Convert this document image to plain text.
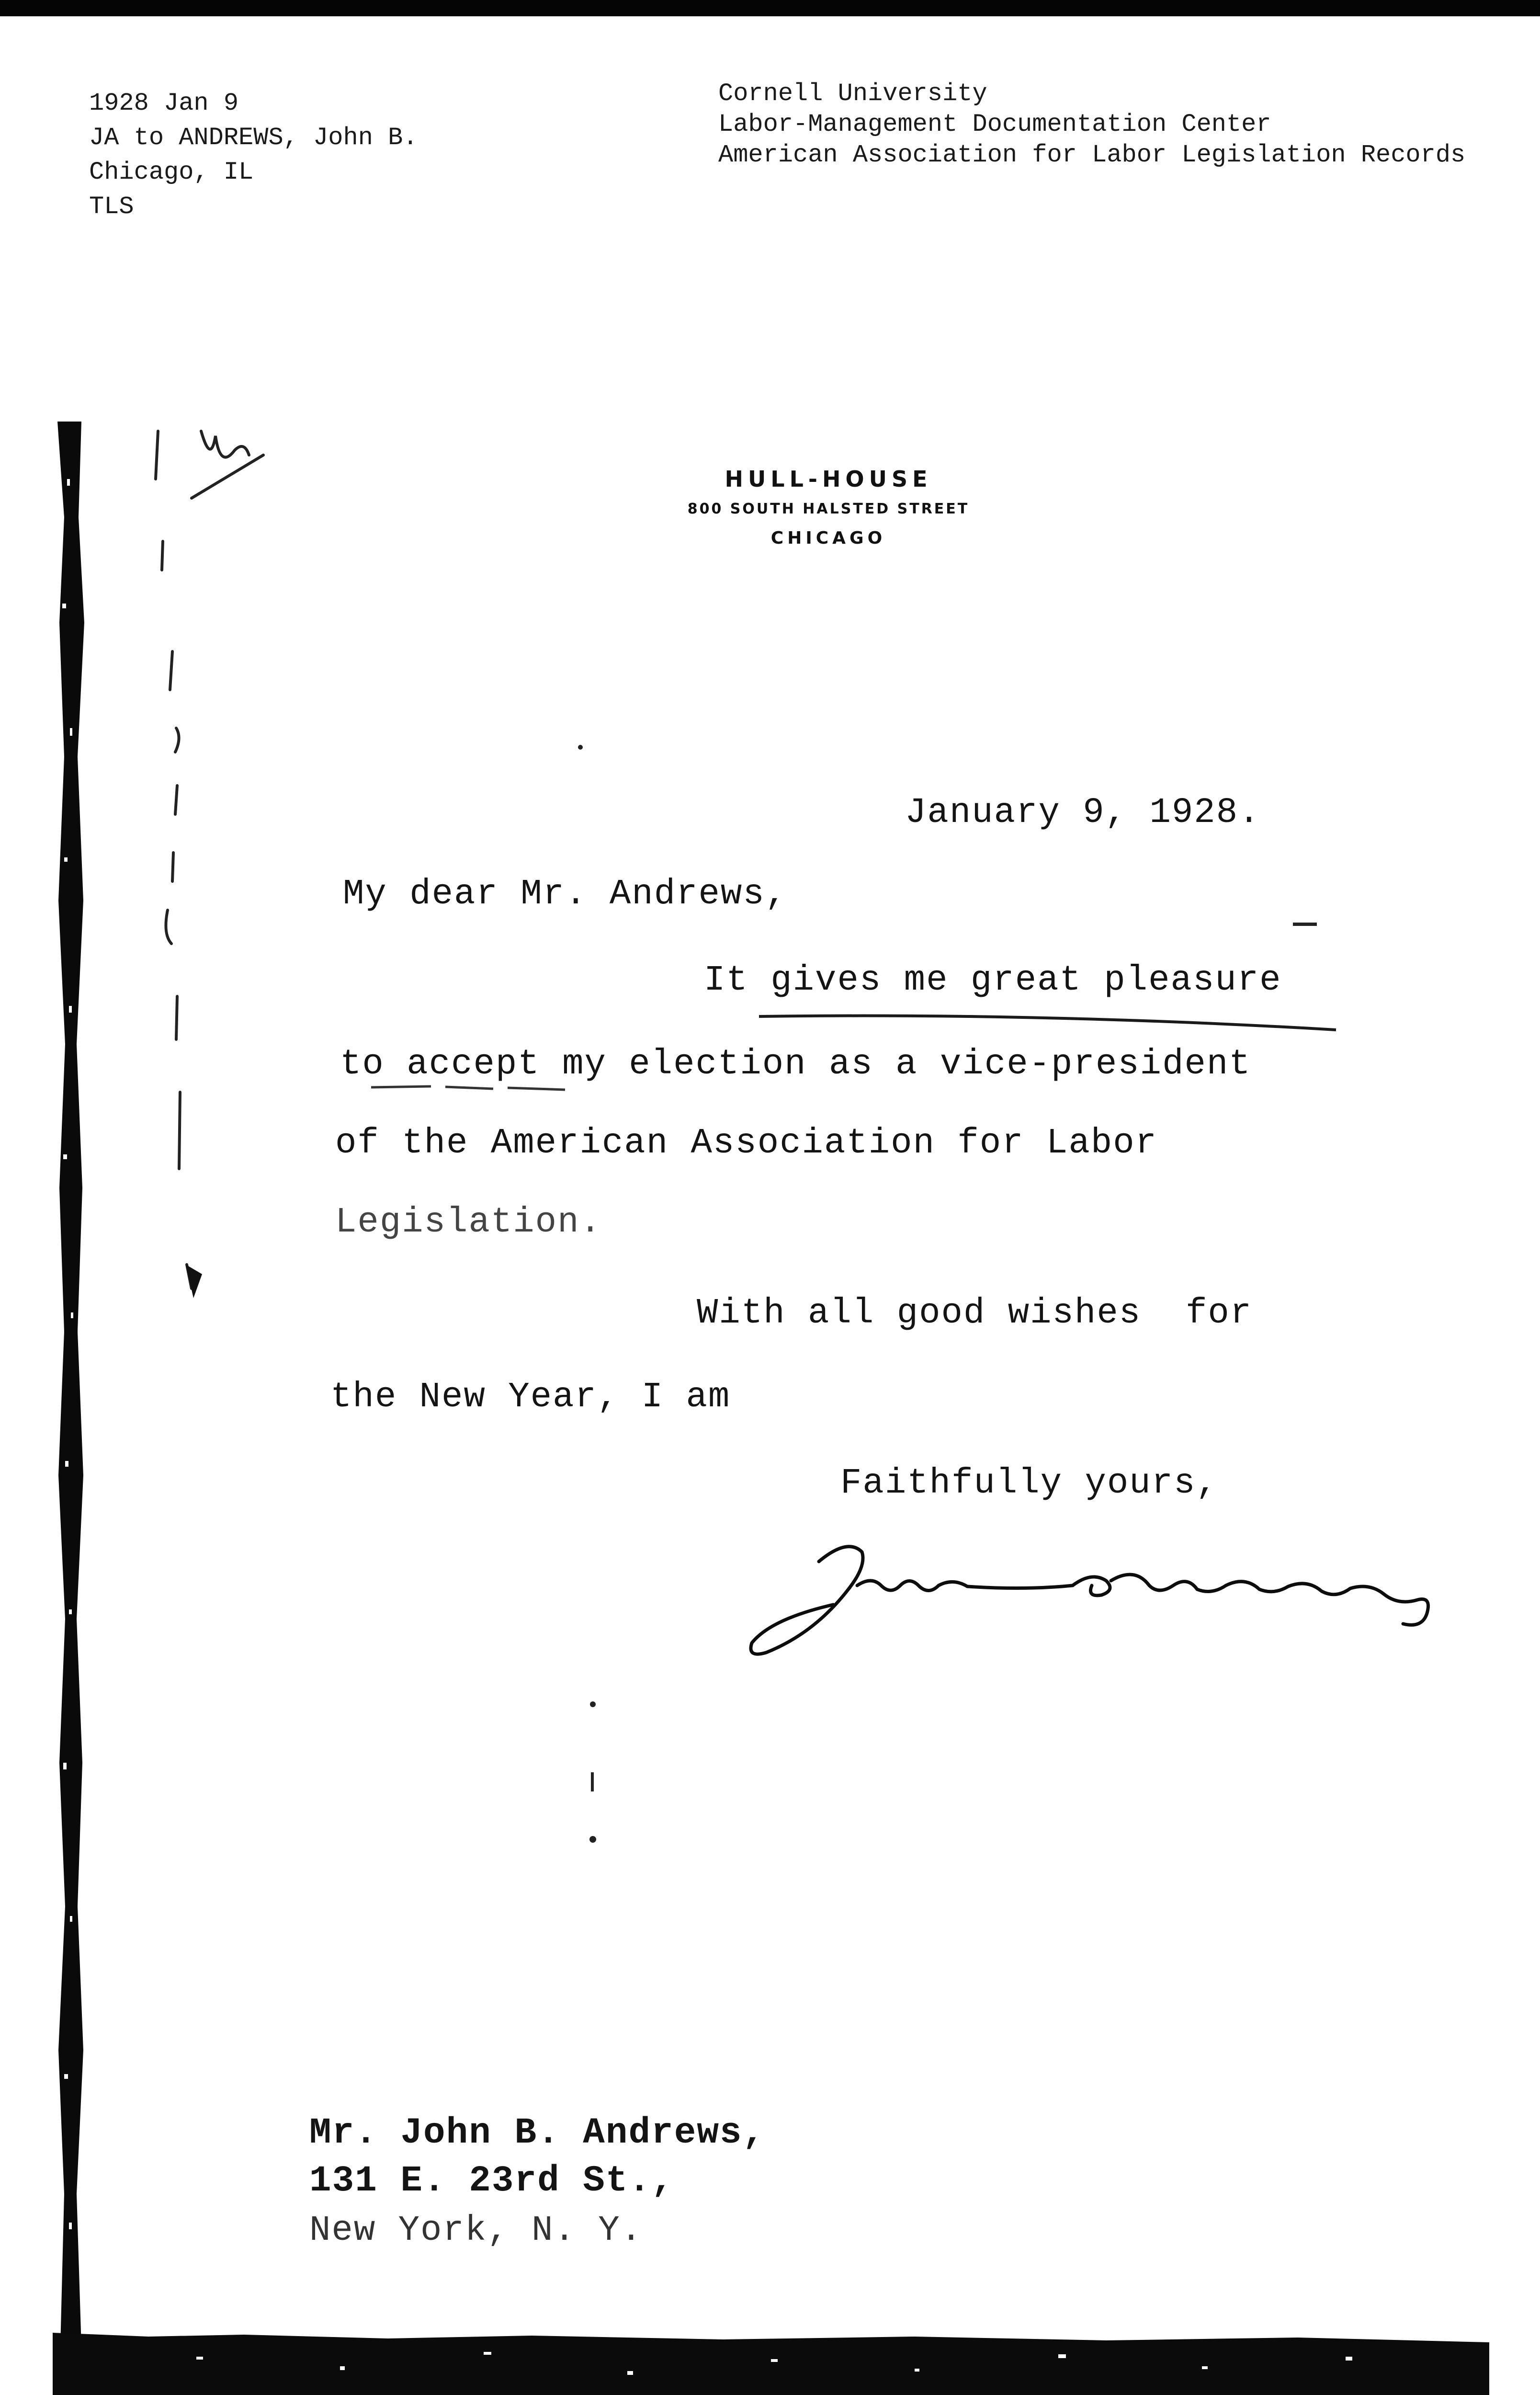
1928 Jan 9
JA to ANDREWS, John B.
Chicago, IL
TLS
Cornell University
Labor-Management Documentation Center
American Association for Labor Legislation Records
HULL-HOUSE
800 SOUTH HALSTED STREET
CHICAGO
January 9, 1928.
My dear Mr. Andrews,
It gives me great pleasure
to accept my election as a vice-president
of the American Association for Labor
Legislation.
With all good wishes  for
the New Year, I am
Faithfully yours,
Mr. John B. Andrews,
131 E. 23rd St.,
New York, N. Y.
